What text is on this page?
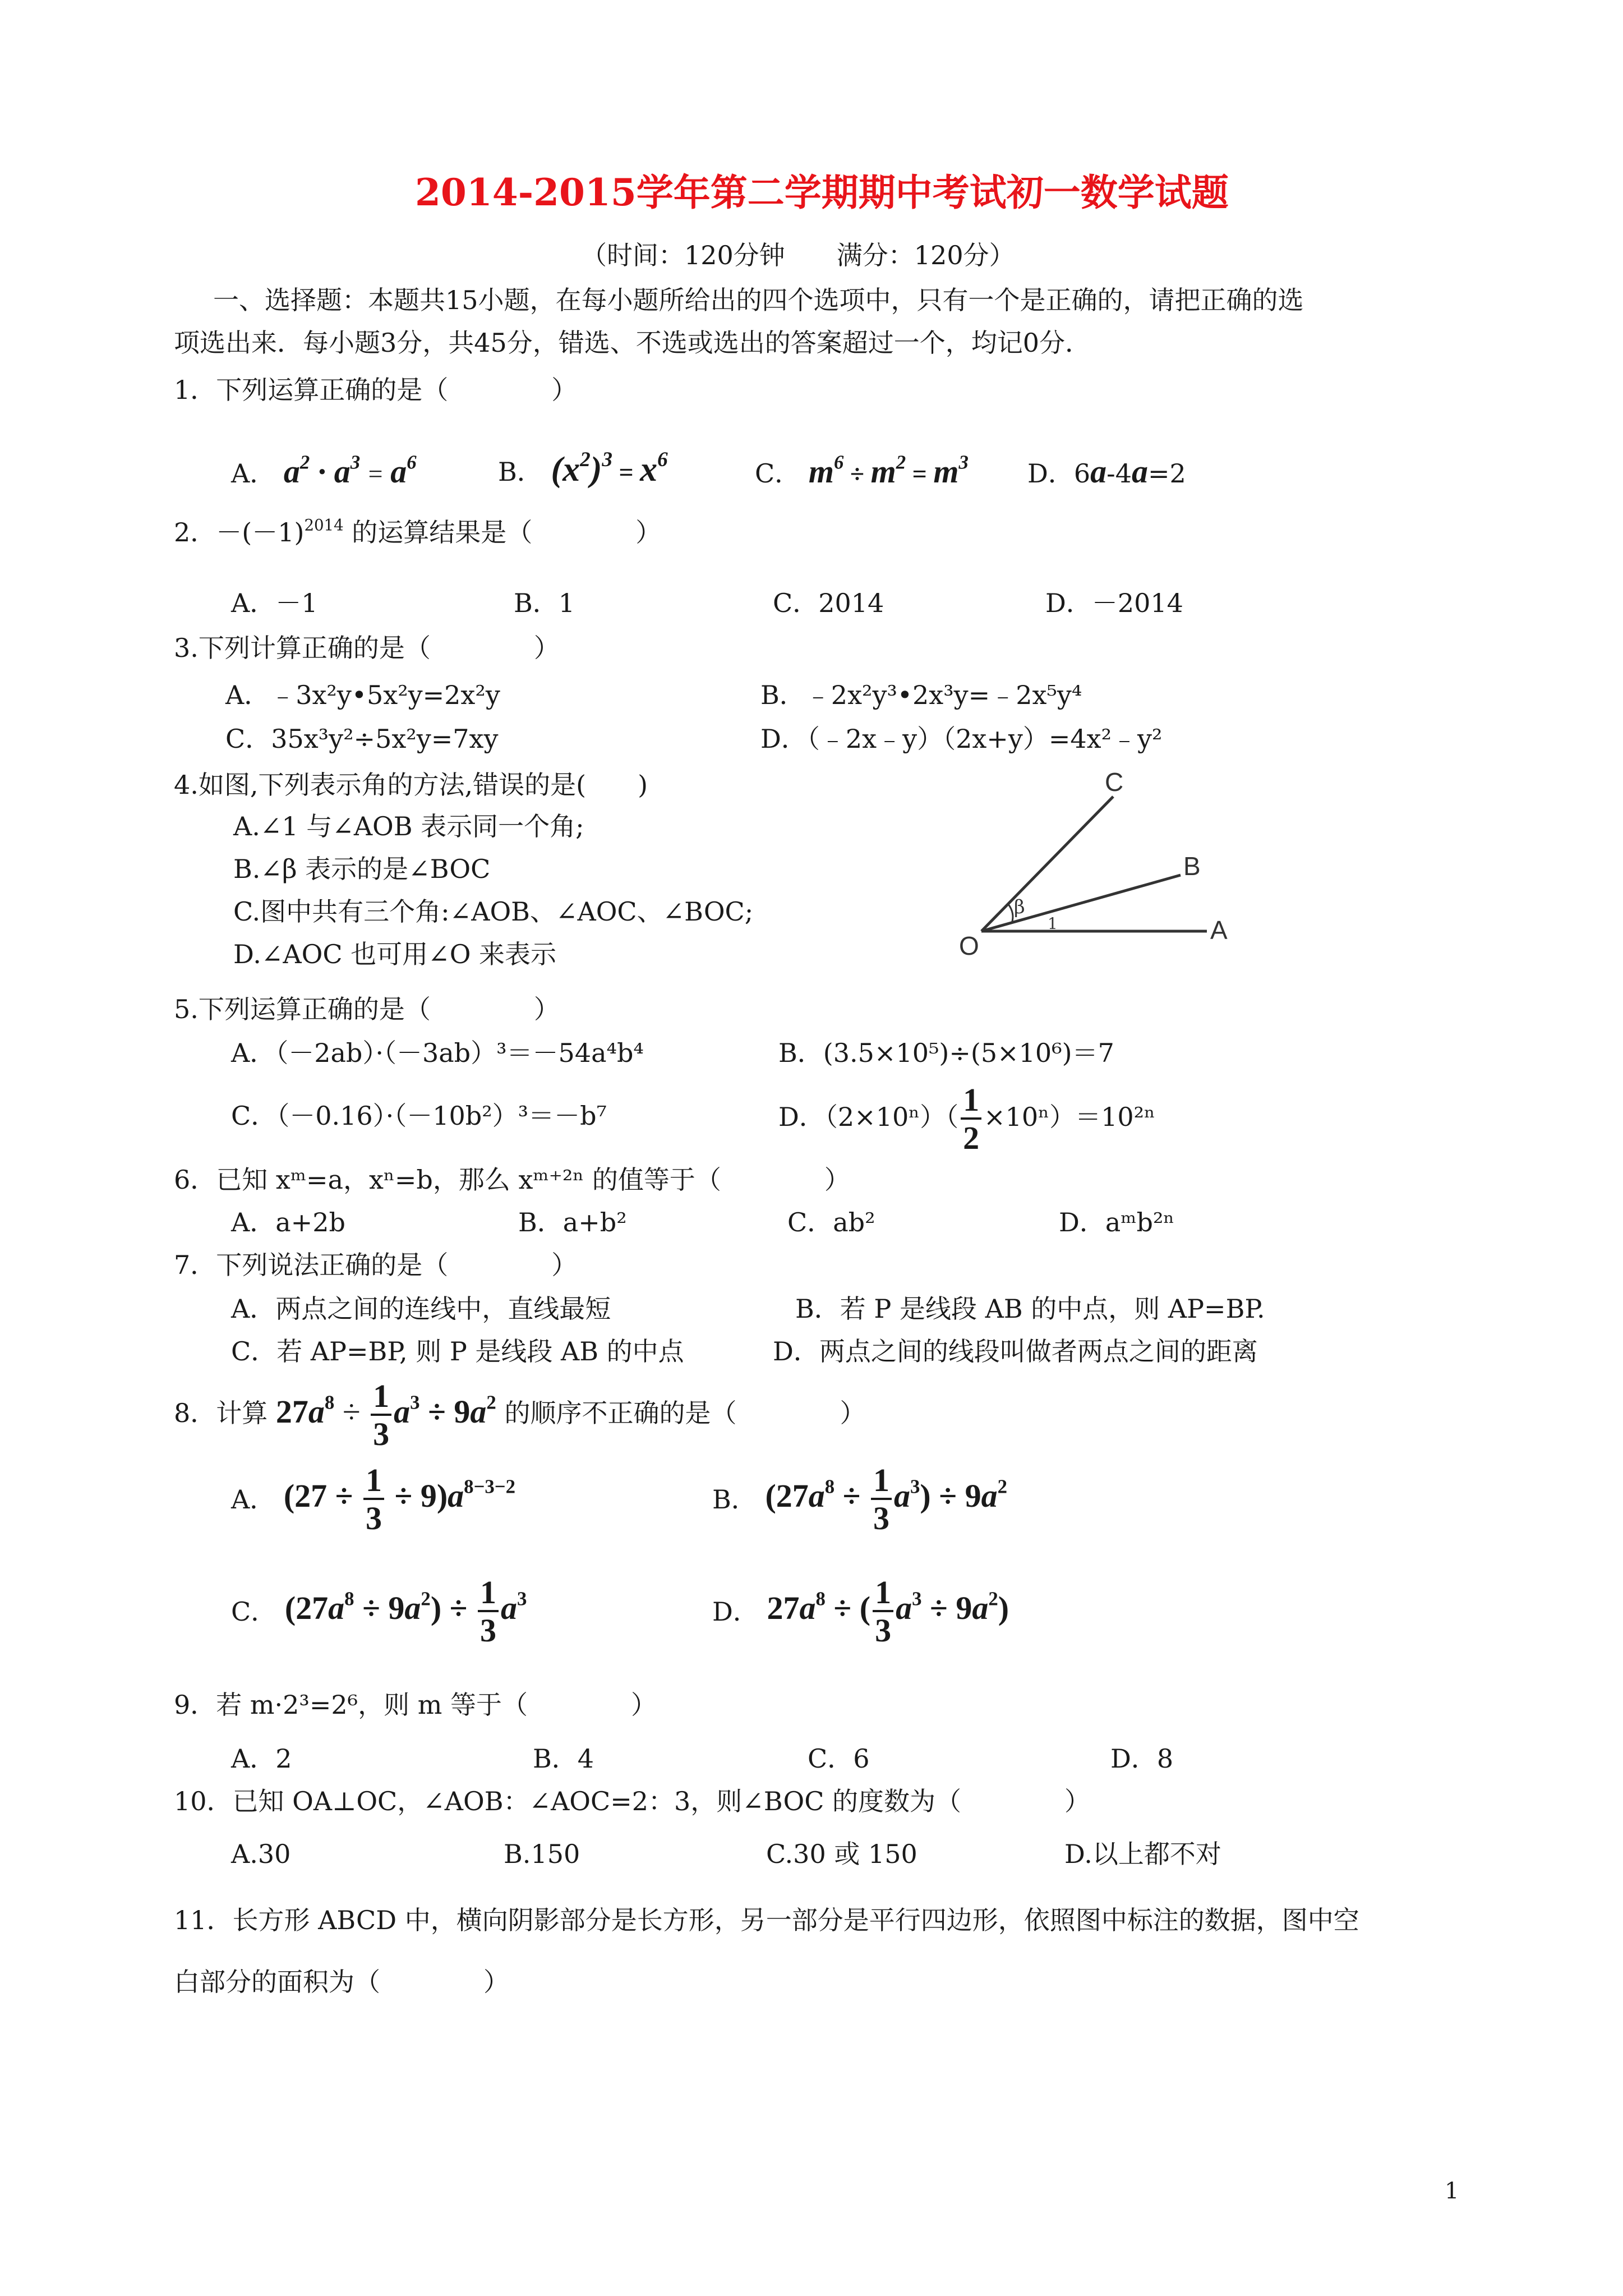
2014-2015学年第二学期期中考试初一数学试题
（时间：120分钟　　满分：120分）
一、选择题：本题共15小题，在每小题所给出的四个选项中，只有一个是正确的，请把正确的选
项选出来．每小题3分，共45分，错选、不选或选出的答案超过一个，均记0分．
1．下列运算正确的是（　　　　）
A． $a^2 \cdot a^3 = a^6$	B． $(x^2)^3 = x^6$	C． $m^6 \div m^2 = m^3$ D．6a-4a=2
2．$-(-1)^{2014}$ 的运算结果是（　　　　）
A．－1	B．1	C．2014	D．－2014
3.下列计算正确的是（　　　　）
A．﹣3x²y•5x²y=2x²y	B．﹣2x²y³•2x³y=﹣2x⁵y⁴
C．35x³y²÷5x²y=7xy	D．（﹣2x﹣y）（2x+y）=4x²﹣y²
4.如图,下列表示角的方法,错误的是(　　)
A.∠1 与∠AOB 表示同一个角;
B.∠β 表示的是∠BOC
C.图中共有三个角:∠AOB、∠AOC、∠BOC;
D.∠AOC 也可用∠O 来表示
C
B
O
A
β
1
5.下列运算正确的是（　　　　）
A．（－2ab）·（－3ab）³＝－54a⁴b⁴	B．(3.5×10⁵)÷(5×10⁶)＝7
C．（－0.16）·（－10b²）³＝－b⁷	D．$(2\times 10^n)( \frac{1}{2} \times 10^n)=10^{2n}$
6．已知 xᵐ=a，xⁿ=b，那么 xᵐ⁺²ⁿ 的值等于（　　　　）
A．a+2b	B．a+b²	C．ab²	D．aᵐb²ⁿ
7．下列说法正确的是（　　　　）
A．两点之间的连线中，直线最短	B．若 P 是线段 AB 的中点，则 AP=BP.
C．若 AP=BP, 则 P 是线段 AB 的中点	D．两点之间的线段叫做者两点之间的距离
8．计算 $27a^8 \div \frac{1}{3} a^3 \div 9a^2$ 的顺序不正确的是（　　　　）
A． $(27 \div \frac{1}{3} \div 9)a^{8-3-2}$	B． $(27a^8 \div \frac{1}{3} a^3) \div 9a^2$
C． $(27a^8 \div 9a^2) \div \frac{1}{3} a^3$	D． $27a^8$ ÷ ( $\frac{1}{3} a^3 \div 9a^2$)
9．若 m·2³=2⁶，则 m 等于（　　　　）
A．2	B．4	C．6	D．8
10．已知 OA⊥OC，∠AOB：∠AOC=2：3，则∠BOC 的度数为（　　　　）
A.30	B.150	C.30 或 150	D.以上都不对
11．长方形 ABCD 中，横向阴影部分是长方形，另一部分是平行四边形，依照图中标注的数据，图中空
白部分的面积为（　　　　）
1
